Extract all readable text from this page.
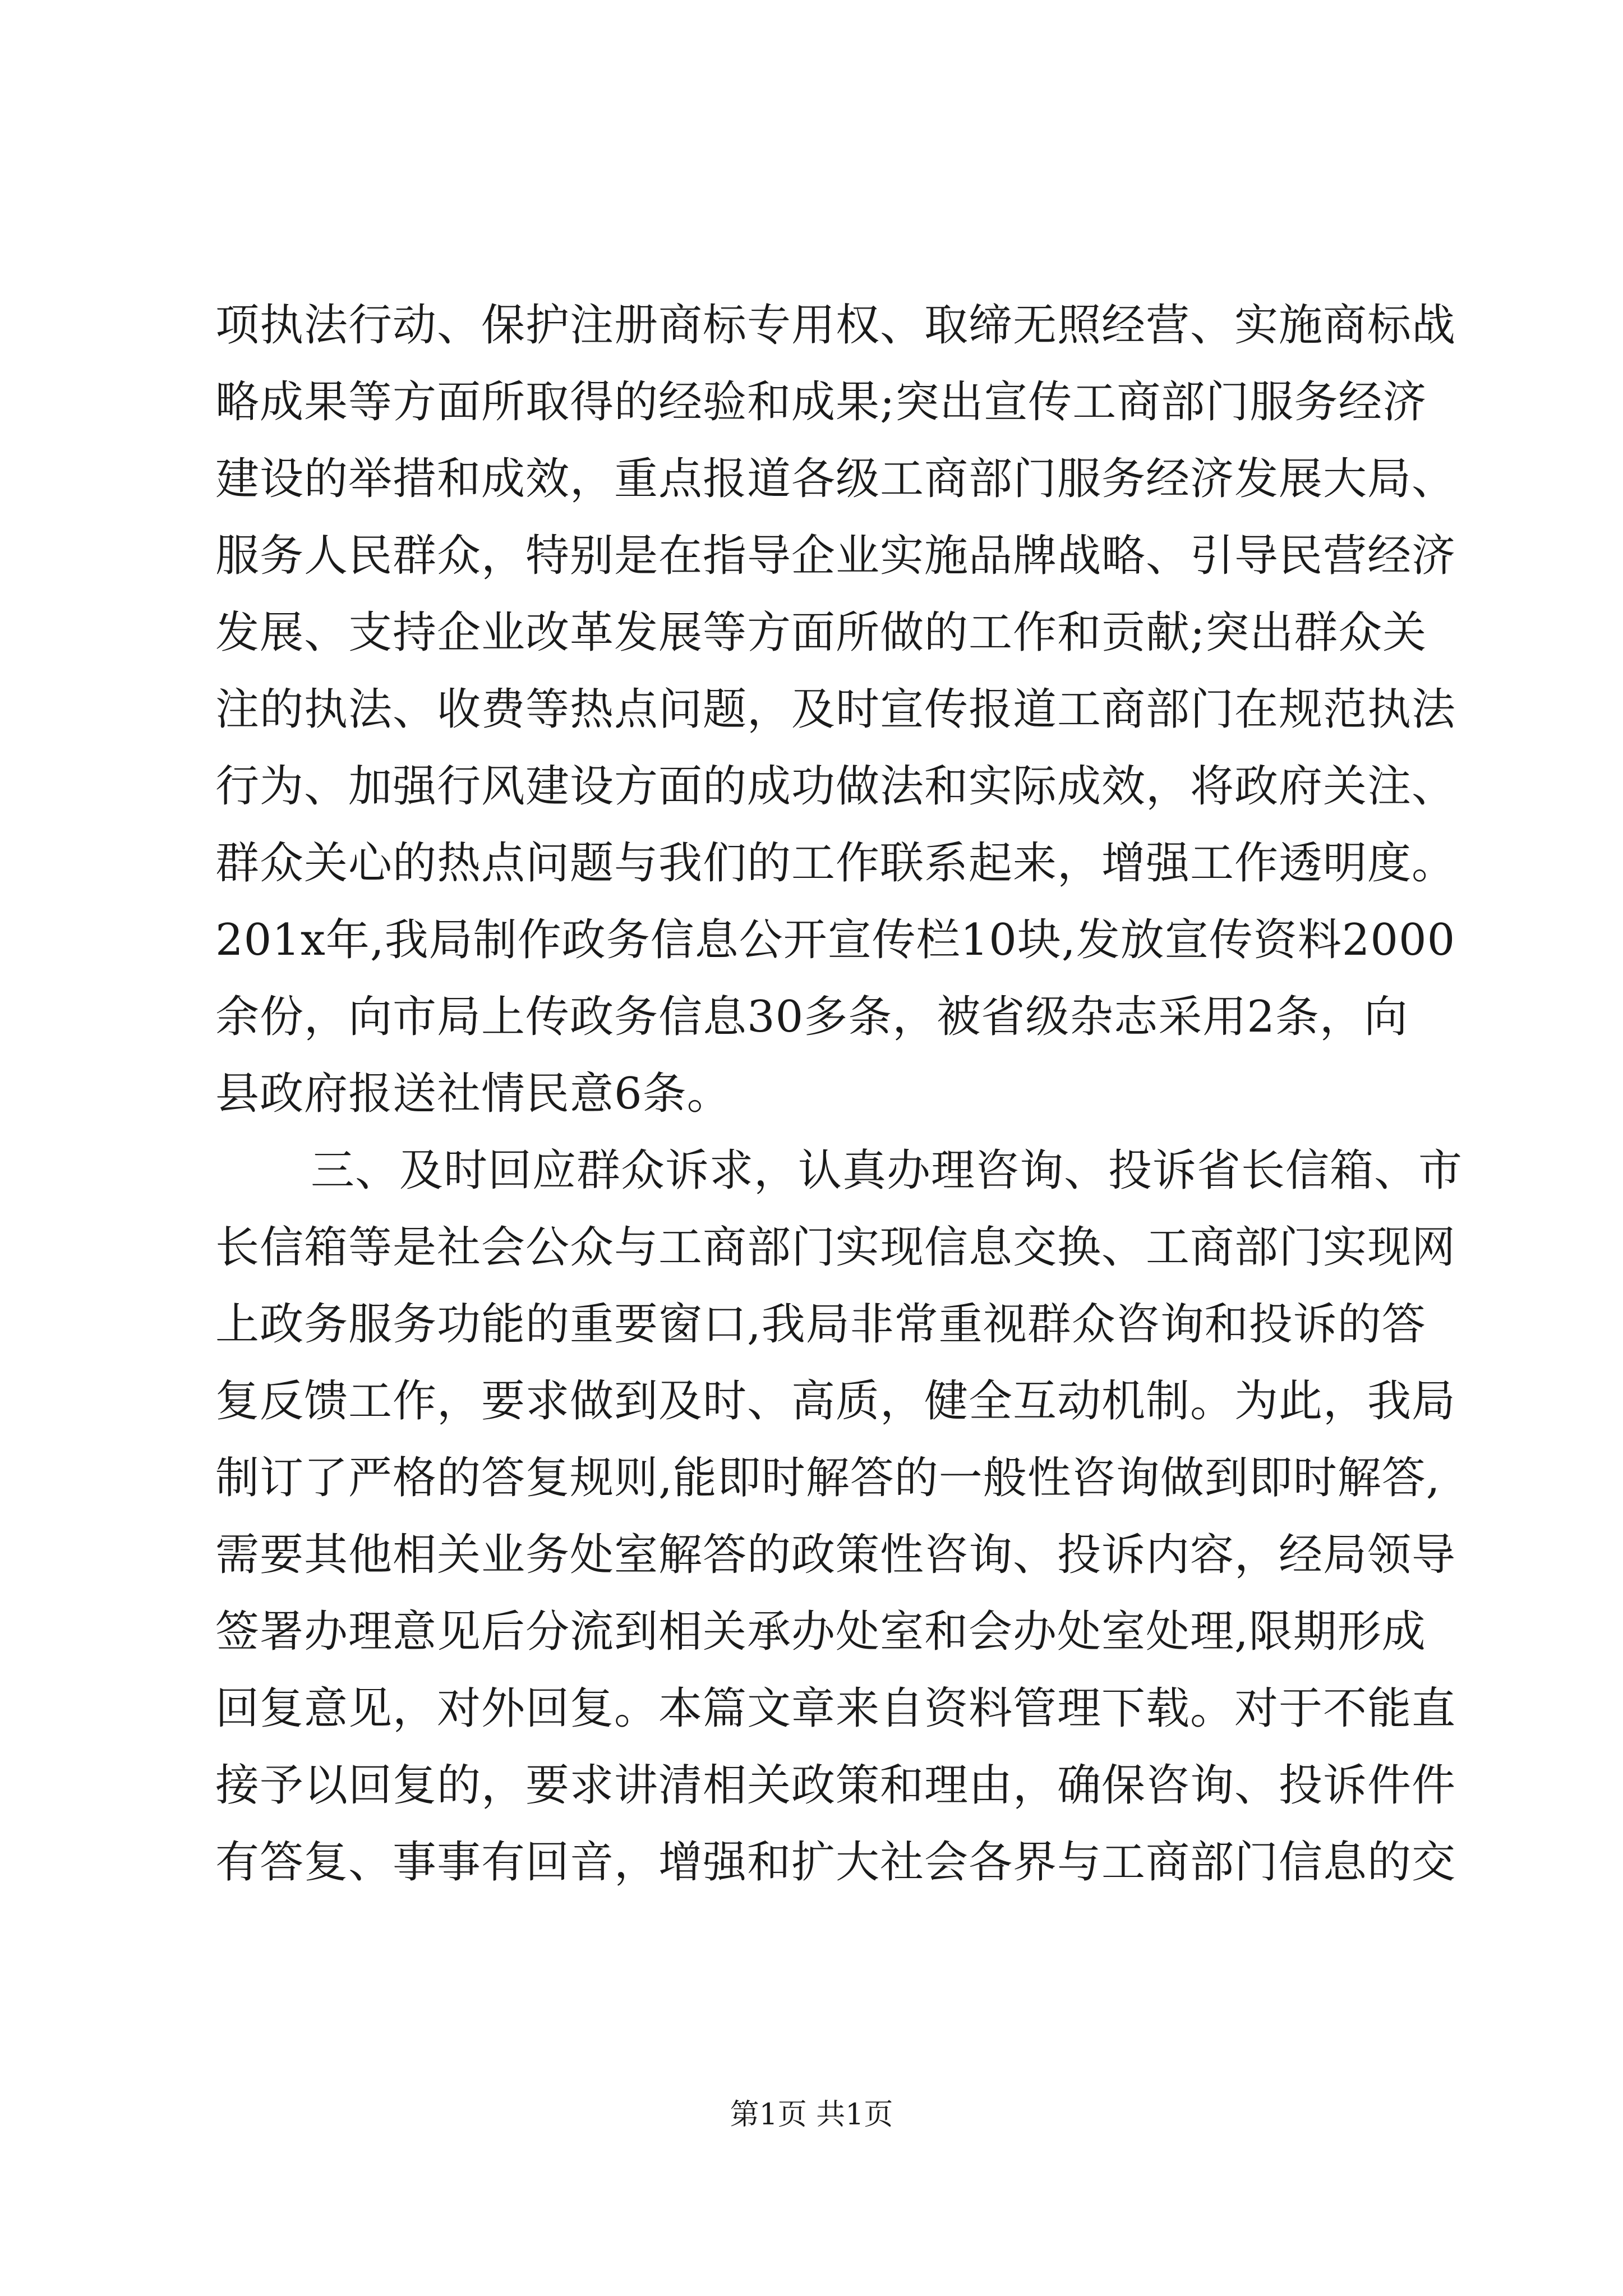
项执法行动、保护注册商标专用权、取缔无照经营、实施商标战
略成果等方面所取得的经验和成果;突出宣传工商部门服务经济
建设的举措和成效，重点报道各级工商部门服务经济发展大局、
服务人民群众，特别是在指导企业实施品牌战略、引导民营经济
发展、支持企业改革发展等方面所做的工作和贡献;突出群众关
注的执法、收费等热点问题，及时宣传报道工商部门在规范执法
行为、加强行风建设方面的成功做法和实际成效，将政府关注、
群众关心的热点问题与我们的工作联系起来，增强工作透明度。
201x年,我局制作政务信息公开宣传栏10块,发放宣传资料2000
余份，向市局上传政务信息30多条，被省级杂志采用2条，向
县政府报送社情民意6条。
三、及时回应群众诉求，认真办理咨询、投诉省长信箱、市
长信箱等是社会公众与工商部门实现信息交换、工商部门实现网
上政务服务功能的重要窗口,我局非常重视群众咨询和投诉的答
复反馈工作，要求做到及时、高质，健全互动机制。为此，我局
制订了严格的答复规则,能即时解答的一般性咨询做到即时解答,
需要其他相关业务处室解答的政策性咨询、投诉内容，经局领导
签署办理意见后分流到相关承办处室和会办处室处理,限期形成
回复意见，对外回复。本篇文章来自资料管理下载。对于不能直
接予以回复的，要求讲清相关政策和理由，确保咨询、投诉件件
有答复、事事有回音，增强和扩大社会各界与工商部门信息的交
第1页 共1页
